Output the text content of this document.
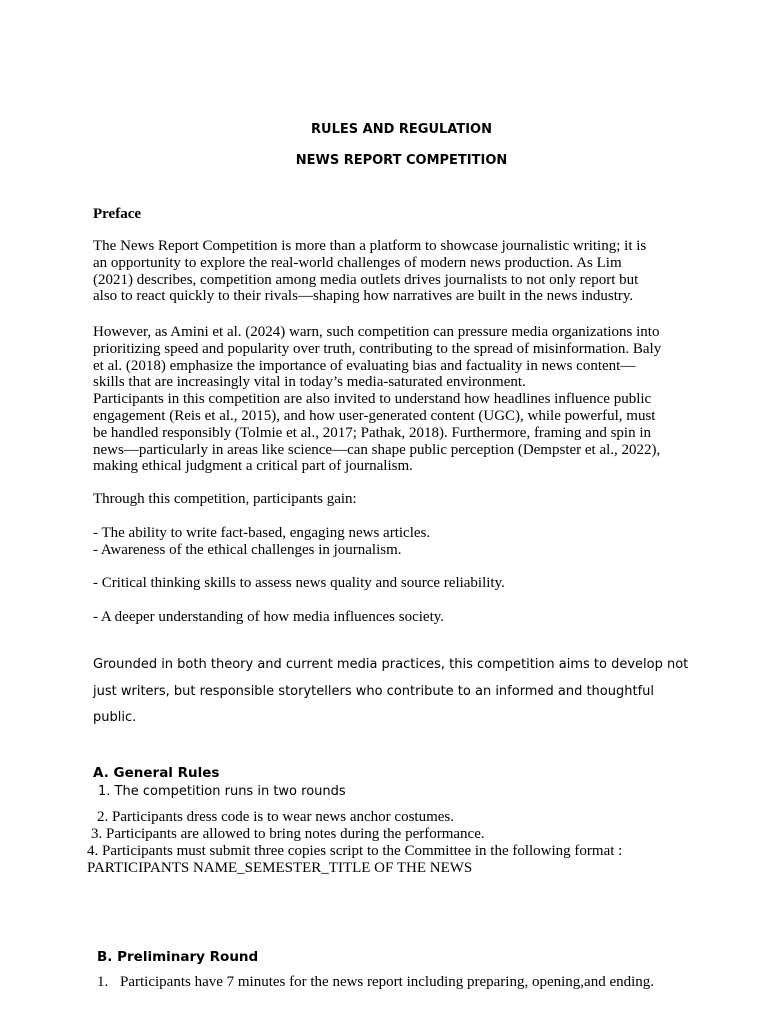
RULES AND REGULATION
NEWS REPORT COMPETITION
Preface
The News Report Competition is more than a platform to showcase journalistic writing; it is
an opportunity to explore the real-world challenges of modern news production. As Lim
(2021) describes, competition among media outlets drives journalists to not only report but
also to react quickly to their rivals—shaping how narratives are built in the news industry.
However, as Amini et al. (2024) warn, such competition can pressure media organizations into
prioritizing speed and popularity over truth, contributing to the spread of misinformation. Baly
et al. (2018) emphasize the importance of evaluating bias and factuality in news content—
skills that are increasingly vital in today’s media-saturated environment.
Participants in this competition are also invited to understand how headlines influence public
engagement (Reis et al., 2015), and how user-generated content (UGC), while powerful, must
be handled responsibly (Tolmie et al., 2017; Pathak, 2018). Furthermore, framing and spin in
news—particularly in areas like science—can shape public perception (Dempster et al., 2022),
making ethical judgment a critical part of journalism.
Through this competition, participants gain:
- The ability to write fact-based, engaging news articles.
- Awareness of the ethical challenges in journalism.
- Critical thinking skills to assess news quality and source reliability.
- A deeper understanding of how media influences society.
Grounded in both theory and current media practices, this competition aims to develop not
just writers, but responsible storytellers who contribute to an informed and thoughtful
public.
A. General Rules
1. The competition runs in two rounds
2. Participants dress code is to wear news anchor costumes.
3. Participants are allowed to bring notes during the performance.
4. Participants must submit three copies script to the Committee in the following format :
PARTICIPANTS NAME_SEMESTER_TITLE OF THE NEWS
B. Preliminary Round
1. Participants have 7 minutes for the news report including preparing, opening,and ending.
